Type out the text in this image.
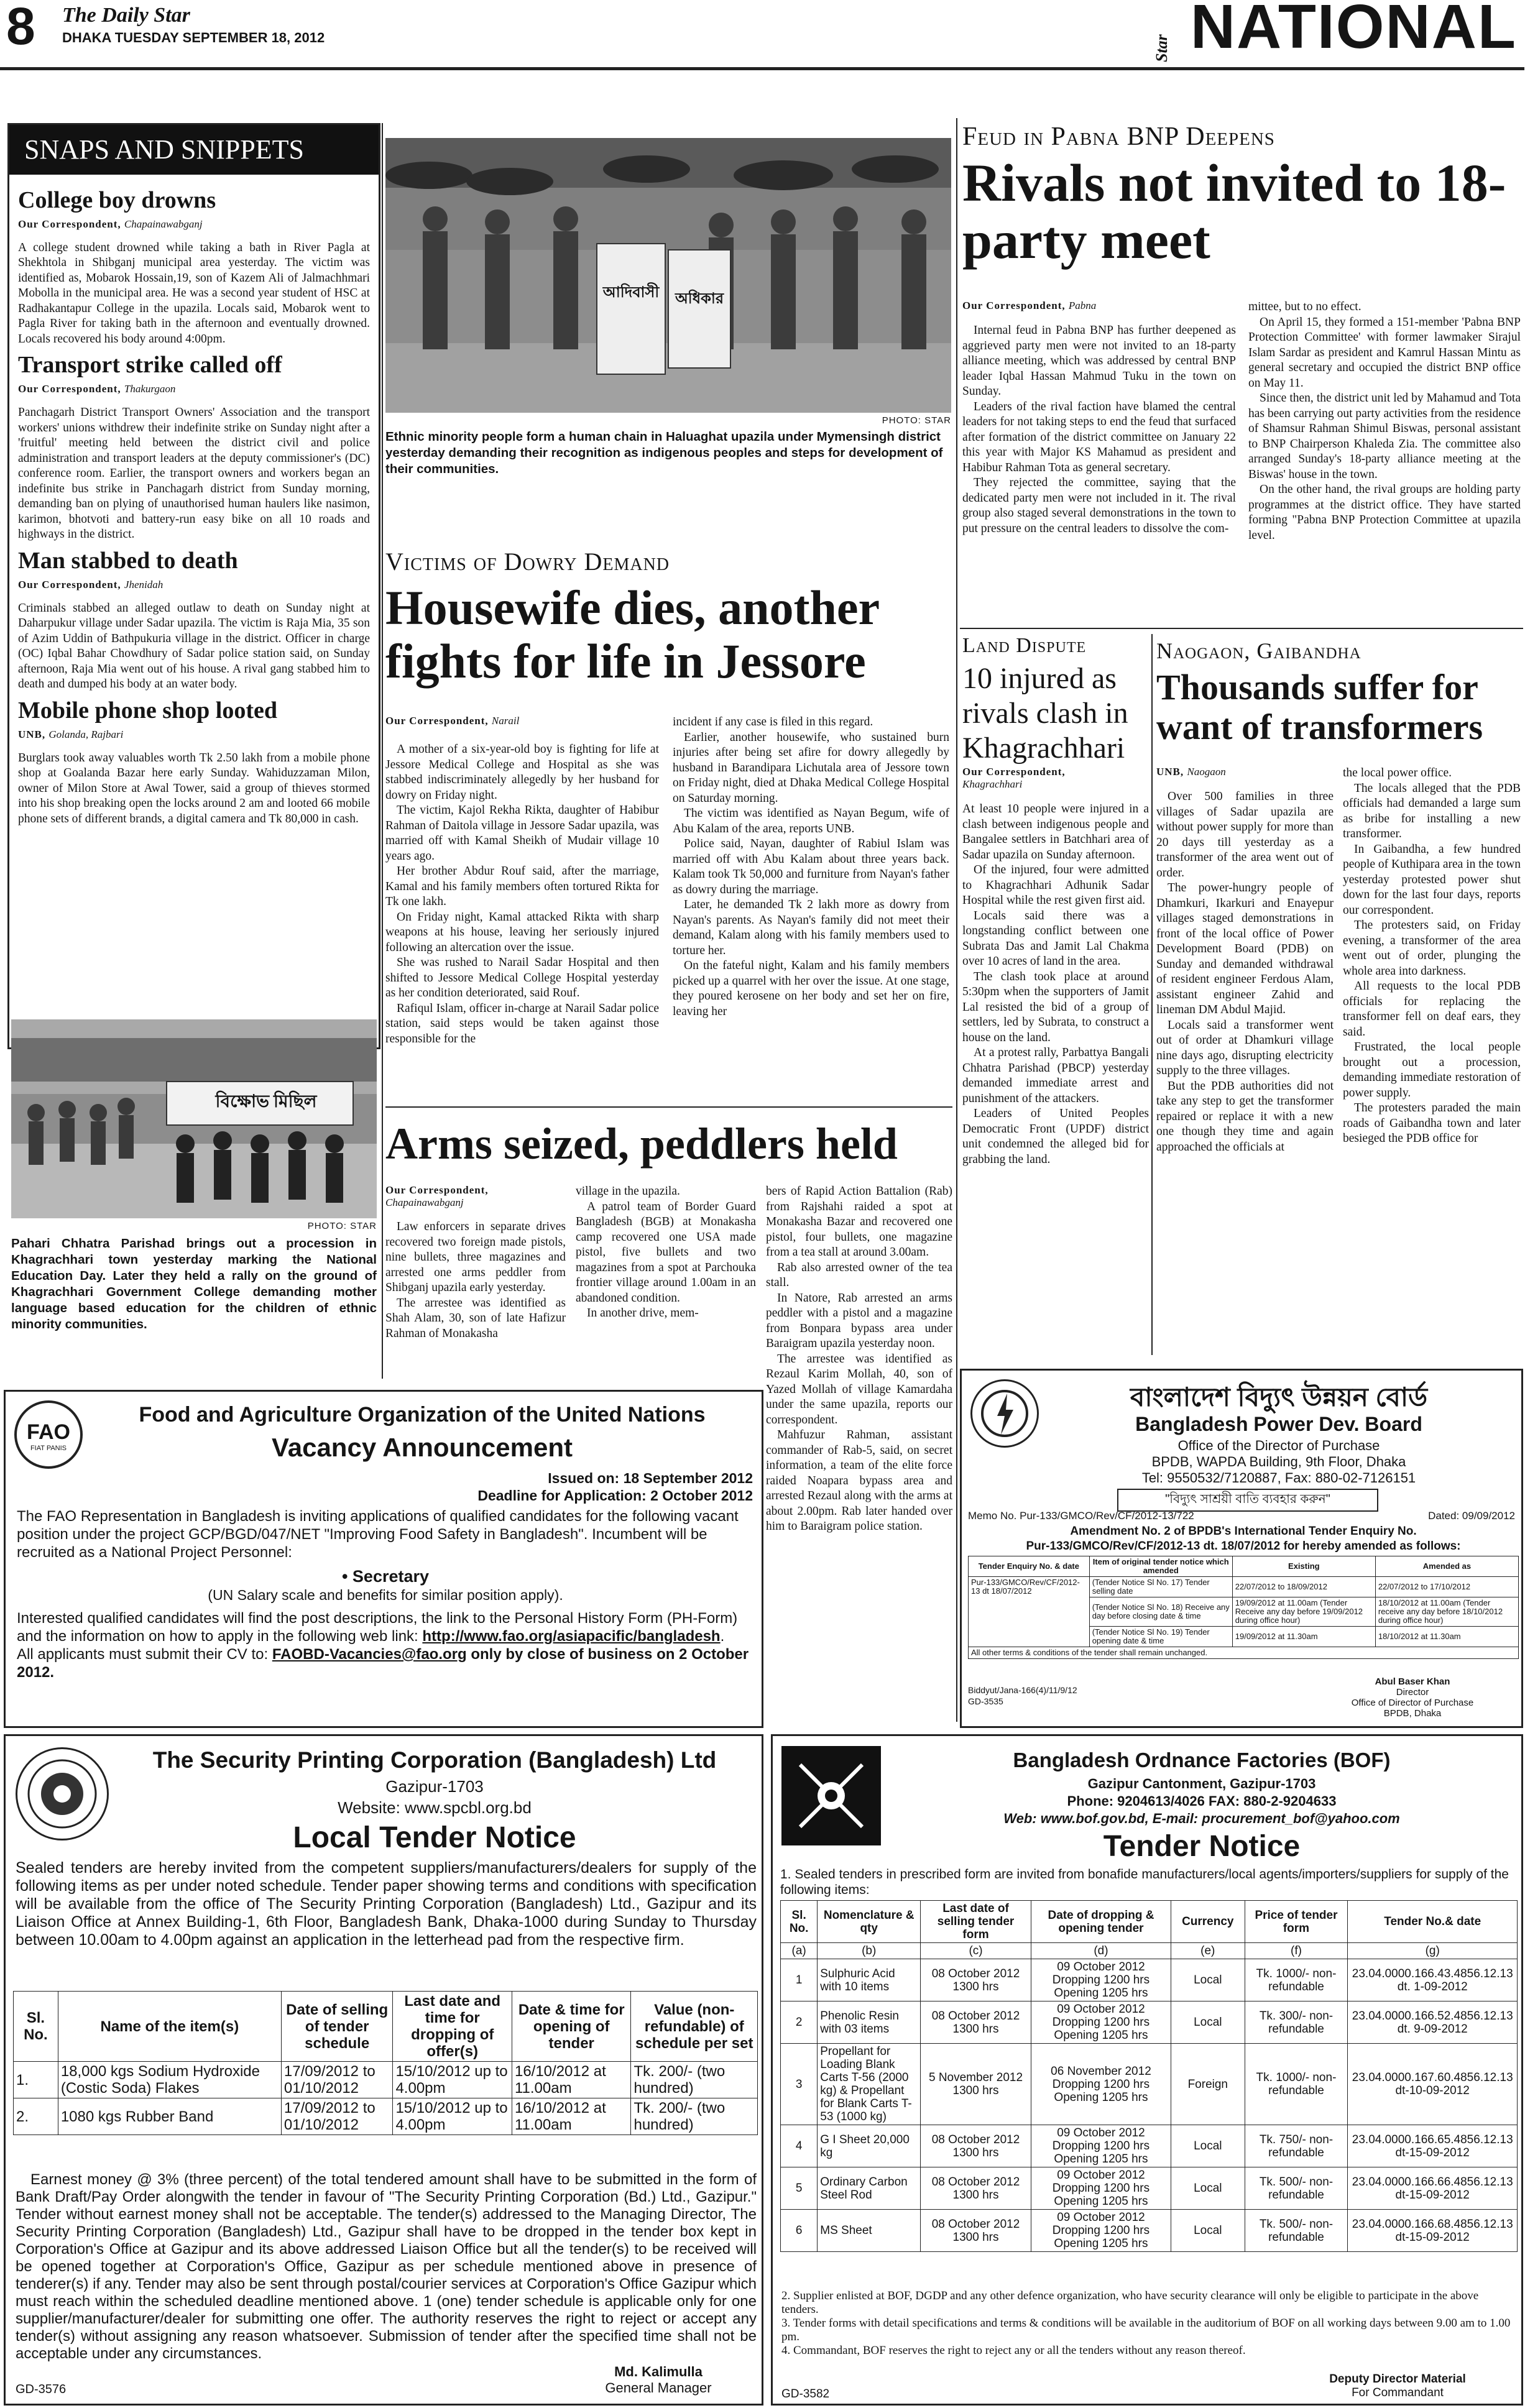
8 The Daily Star
DHAKA TUESDAY SEPTEMBER 18, 2012	Star NATIONAL
SNAPS AND SNIPPETS
College boy drowns
Our Correspondent, Chapainawabganj
A college student drowned while taking a bath in River Pagla at Shekhtola in Shibganj municipal area yesterday. The victim was identified as, Mobarok Hossain,19, son of Kazem Ali of Jalmachhmari Mobolla in the municipal area. He was a second year student of HSC at Radhakantapur College in the upazila. Locals said, Mobarok went to Pagla River for taking bath in the afternoon and eventually drowned. Locals recovered his body around 4:00pm.
Transport strike called off
Our Correspondent, Thakurgaon
Panchagarh District Transport Owners' Association and the transport workers' unions withdrew their indefinite strike on Sunday night after a 'fruitful' meeting held between the district civil and police administration and transport leaders at the deputy commissioner's (DC) conference room. Earlier, the transport owners and workers began an indefinite bus strike in Panchagarh district from Sunday morning, demanding ban on plying of unauthorised human haulers like nasimon, karimon, bhotvoti and battery-run easy bike on all 10 roads and highways in the district.
Man stabbed to death
Our Correspondent, Jhenidah
Criminals stabbed an alleged outlaw to death on Sunday night at Daharpukur village under Sadar upazila. The victim is Raja Mia, 35 son of Azim Uddin of Bathpukuria village in the district. Officer in charge (OC) Iqbal Bahar Chowdhury of Sadar police station said, on Sunday afternoon, Raja Mia went out of his house. A rival gang stabbed him to death and dumped his body at an water body.
Mobile phone shop looted
UNB, Golanda, Rajbari
Burglars took away valuables worth Tk 2.50 lakh from a mobile phone shop at Goalanda Bazar here early Sunday. Wahiduzzaman Milon, owner of Milon Store at Awal Tower, said a group of thieves stormed into his shop breaking open the locks around 2 am and looted 66 mobile phone sets of different brands, a digital camera and Tk 80,000 in cash.
বিক্ষোভ মিছিল
PHOTO: STAR
Pahari Chhatra Parishad brings out a procession in Khagrachhari town yesterday marking the National Education Day. Later they held a rally on the ground of Khagrachhari Government College demanding mother language based education for the children of ethnic minority communities.
আদিবাসী অধিকার
PHOTO: STAR
Ethnic minority people form a human chain in Haluaghat upazila under Mymensingh district yesterday demanding their recognition as indigenous peoples and steps for development of their communities.
Victims of Dowry Demand
Housewife dies, another fights for life in Jessore
Our Correspondent, Narail

A mother of a six-year-old boy is fighting for life at Jessore Medical College and Hospital as she was stabbed indiscriminately allegedly by her husband for dowry on Friday night.

The victim, Kajol Rekha Rikta, daughter of Habibur Rahman of Daitola village in Jessore Sadar upazila, was married off with Kamal Sheikh of Mudair village 10 years ago.

Her brother Abdur Rouf said, after the marriage, Kamal and his family members often tortured Rikta for Tk one lakh.

On Friday night, Kamal attacked Rikta with sharp weapons at his house, leaving her seriously injured following an altercation over the issue.

She was rushed to Narail Sadar Hospital and then shifted to Jessore Medical College Hospital yesterday as her condition deteriorated, said Rouf.

Rafiqul Islam, officer in-charge at Narail Sadar police station, said steps would be taken against those responsible for the

incident if any case is filed in this regard.

Earlier, another housewife, who sustained burn injuries after being set afire for dowry allegedly by husband in Barandipara Lichutala area of Jessore town on Friday night, died at Dhaka Medical College Hospital on Saturday morning.

The victim was identified as Nayan Begum, wife of Abu Kalam of the area, reports UNB.

Police said, Nayan, daughter of Rabiul Islam was married off with Abu Kalam about three years back. Kalam took Tk 50,000 and furniture from Nayan's father as dowry during the marriage.

Later, he demanded Tk 2 lakh more as dowry from Nayan's parents. As Nayan's family did not meet their demand, Kalam along with his family members used to torture her.

On the fateful night, Kalam and his family members picked up a quarrel with her over the issue. At one stage, they poured kerosene on her body and set her on fire, leaving her

Arms seized, peddlers held
Our Correspondent,
Chapainawabganj

Law enforcers in separate drives recovered two foreign made pistols, nine bullets, three magazines and arrested one arms peddler from Shibganj upazila early yesterday.

The arrestee was identified as Shah Alam, 30, son of late Hafizur Rahman of Monakasha

village in the upazila.

A patrol team of Border Guard Bangladesh (BGB) at Monakasha camp recovered one USA made pistol, five bullets and two magazines from a spot at Parchouka frontier village around 1.00am in an abandoned condition.

In another drive, mem-

bers of Rapid Action Battalion (Rab) from Rajshahi raided a spot at Monakasha Bazar and recovered one pistol, four bullets, one magazine from a tea stall at around 3.00am.

Rab also arrested owner of the tea stall.

In Natore, Rab arrested an arms peddler with a pistol and a magazine from Bonpara bypass area under Baraigram upazila yesterday noon.

The arrestee was identified as Rezaul Karim Mollah, 40, son of Yazed Mollah of village Kamardaha under the same upazila, reports our correspondent.

Mahfuzur Rahman, assistant commander of Rab-5, said, on secret information, a team of the elite force raided Noapara bypass area and arrested Rezaul along with the arms at about 2.00pm. Rab later handed over him to Baraigram police station.

Feud in Pabna BNP Deepens
Rivals not invited to 18-party meet
Our Correspondent, Pabna

Internal feud in Pabna BNP has further deepened as aggrieved party men were not invited to an 18-party alliance meeting, which was addressed by central BNP leader Iqbal Hassan Mahmud Tuku in the town on Sunday.

Leaders of the rival faction have blamed the central leaders for not taking steps to end the feud that surfaced after formation of the district committee on January 22 this year with Major KS Mahamud as president and Habibur Rahman Tota as general secretary.

They rejected the committee, saying that the dedicated party men were not included in it. The rival group also staged several demonstrations in the town to put pressure on the central leaders to dissolve the com-

mittee, but to no effect.

On April 15, they formed a 151-member 'Pabna BNP Protection Committee' with former lawmaker Sirajul Islam Sardar as president and Kamrul Hassan Mintu as general secretary and occupied the district BNP office on May 11.

Since then, the district unit led by Mahamud and Tota has been carrying out party activities from the residence of Shamsur Rahman Shimul Biswas, personal assistant to BNP Chairperson Khaleda Zia. The committee also arranged Sunday's 18-party alliance meeting at the Biswas' house in the town.

On the other hand, the rival groups are holding party programmes at the district office. They have started forming "Pabna BNP Protection Committee at upazila level.

Land Dispute
10 injured as rivals clash in Khagrachhari
Our Correspondent,
Khagrachhari

At least 10 people were injured in a clash between indigenous people and Bangalee settlers in Batchhari area of Sadar upazila on Sunday afternoon.

Of the injured, four were admitted to Khagrachhari Adhunik Sadar Hospital while the rest given first aid.

Locals said there was a longstanding conflict between one Subrata Das and Jamit Lal Chakma over 10 acres of land in the area.

The clash took place at around 5:30pm when the supporters of Jamit Lal resisted the bid of a group of settlers, led by Subrata, to construct a house on the land.

At a protest rally, Parbattya Bangali Chhatra Parishad (PBCP) yesterday demanded immediate arrest and punishment of the attackers.

Leaders of United Peoples Democratic Front (UPDF) district unit condemned the alleged bid for grabbing the land.

Naogaon, Gaibandha
Thousands suffer for want of transformers
UNB, Naogaon

Over 500 families in three villages of Sadar upazila are without power supply for more than 20 days till yesterday as a transformer of the area went out of order.

The power-hungry people of Dhamkuri, Ikarkuri and Enayepur villages staged demonstrations in front of the local office of Power Development Board (PDB) on Sunday and demanded withdrawal of resident engineer Ferdous Alam, assistant engineer Zahid and lineman DM Abdul Majid.

Locals said a transformer went out of order at Dhamkuri village nine days ago, disrupting electricity supply to the three villages.

But the PDB authorities did not take any step to get the transformer repaired or replace it with a new one though they time and again approached the officials at

the local power office.

The locals alleged that the PDB officials had demanded a large sum as bribe for installing a new transformer.

In Gaibandha, a few hundred people of Kuthipara area in the town yesterday protested power shut down for the last four days, reports our correspondent.

The protesters said, on Friday evening, a transformer of the area went out of order, plunging the whole area into darkness.

All requests to the local PDB officials for replacing the transformer fell on deaf ears, they said.

Frustrated, the local people brought out a procession, demanding immediate restoration of power supply.

The protesters paraded the main roads of Gaibandha town and later besieged the PDB office for

FAO
FIAT PANIS
Food and Agriculture Organization of the United Nations
Vacancy Announcement
Issued on: 18 September 2012
Deadline for Application: 2 October 2012
The FAO Representation in Bangladesh is inviting applications of qualified candidates for the following vacant position under the project GCP/BGD/047/NET "Improving Food Safety in Bangladesh". Incumbent will be recruited as a National Project Personnel:
• Secretary
(UN Salary scale and benefits for similar position apply).
Interested qualified candidates will find the post descriptions, the link to the Personal History Form (PH-Form) and the information on how to apply in the following web link: http://www.fao.org/asiapacific/bangladesh.
All applicants must submit their CV to: FAOBD-Vacancies@fao.org only by close of business on 2 October 2012.
বাংলাদেশ বিদ্যুৎ উন্নয়ন বোর্ড
Bangladesh Power Dev. Board
Office of the Director of Purchase
BPDB, WAPDA Building, 9th Floor, Dhaka
Tel: 9550532/7120887, Fax: 880-02-7126151
"বিদ্যুৎ সাশ্রয়ী বাতি ব্যবহার করুন"
Memo No. Pur-133/GMCO/Rev/CF/2012-13/722	Dated: 09/09/2012
Amendment No. 2 of BPDB's International Tender Enquiry No.
Pur-133/GMCO/Rev/CF/2012-13 dt. 18/07/2012 for hereby amended as follows:
Tender Enquiry No. & date	Item of original tender notice which amended	Existing	Amended as
Pur-133/GMCO/Rev/CF/2012-13 dt 18/07/2012	(Tender Notice Sl No. 17) Tender selling date	22/07/2012 to 18/09/2012	22/07/2012 to 17/10/2012
	(Tender Notice Sl No. 18) Receive any day before closing date & time	19/09/2012 at 11.00am (Tender Receive any day before 19/09/2012 during office hour)	18/10/2012 at 11.00am (Tender receive any day before 18/10/2012 during office hour)
	(Tender Notice Sl No. 19) Tender opening date & time	19/09/2012 at 11.30am	18/10/2012 at 11.30am
All other terms & conditions of the tender shall remain unchanged.			
Biddyut/Jana-166(4)/11/9/12
GD-3535
Abul Baser Khan
Director
Office of Director of Purchase
BPDB, Dhaka
The Security Printing Corporation (Bangladesh) Ltd
Gazipur-1703
Website: www.spcbl.org.bd
Local Tender Notice
Sealed tenders are hereby invited from the competent suppliers/manufacturers/dealers for supply of the following items as per under noted schedule. Tender paper showing terms and conditions with specification will be available from the office of The Security Printing Corporation (Bangladesh) Ltd., Gazipur and its Liaison Office at Annex Building-1, 6th Floor, Bangladesh Bank, Dhaka-1000 during Sunday to Thursday between 10.00am to 4.00pm against an application in the letterhead pad from the respective firm.
Sl. No.	Name of the item(s)	Date of selling of tender schedule	Last date and time for dropping of offer(s)	Date & time for opening of tender	Value (non-refundable) of schedule per set
1.	18,000 kgs Sodium Hydroxide (Costic Soda) Flakes	17/09/2012 to 01/10/2012	15/10/2012 up to 4.00pm	16/10/2012 at 11.00am	Tk. 200/- (two hundred)
2.	1080 kgs Rubber Band	17/09/2012 to 01/10/2012	15/10/2012 up to 4.00pm	16/10/2012 at 11.00am	Tk. 200/- (two hundred)
Earnest money @ 3% (three percent) of the total tendered amount shall have to be submitted in the form of Bank Draft/Pay Order alongwith the tender in favour of "The Security Printing Corporation (Bd.) Ltd., Gazipur." Tender without earnest money shall not be acceptable. The tender(s) addressed to the Managing Director, The Security Printing Corporation (Bangladesh) Ltd., Gazipur shall have to be dropped in the tender box kept in Corporation's Office at Gazipur and its above addressed Liaison Office but all the tender(s) to be received will be opened together at Corporation's Office, Gazipur as per schedule mentioned above in presence of tenderer(s) if any. Tender may also be sent through postal/courier services at Corporation's Office Gazipur which must reach within the scheduled deadline mentioned above. 1 (one) tender schedule is applicable only for one supplier/manufacturer/dealer for submitting one offer. The authority reserves the right to reject or accept any tender(s) without assigning any reason whatsoever. Submission of tender after the specified time shall not be acceptable under any circumstances.
GD-3576
Md. Kalimulla
General Manager
Bangladesh Ordnance Factories (BOF)
Gazipur Cantonment, Gazipur-1703
Phone: 9204613/4026 FAX: 880-2-9204633
Web: www.bof.gov.bd, E-mail: procurement_bof@yahoo.com
Tender Notice
1. Sealed tenders in prescribed form are invited from bonafide manufacturers/local agents/importers/suppliers for supply of the following items:
Sl. No.	Nomenclature & qty	Last date of selling tender form	Date of dropping & opening tender	Currency	Price of tender form	Tender No.& date
(a)	(b)	(c)	(d)	(e)	(f)	(g)
1	Sulphuric Acid with 10 items	08 October 2012 1300 hrs	09 October 2012 Dropping 1200 hrs Opening 1205 hrs	Local	Tk. 1000/- non-refundable	23.04.0000.166.43.4856.12.13 dt. 1-09-2012
2	Phenolic Resin with 03 items	08 October 2012 1300 hrs	09 October 2012 Dropping 1200 hrs Opening 1205 hrs	Local	Tk. 300/- non-refundable	23.04.0000.166.52.4856.12.13 dt. 9-09-2012
3	Propellant for Loading Blank Carts T-56 (2000 kg) & Propellant for Blank Carts T-53 (1000 kg)	5 November 2012 1300 hrs	06 November 2012 Dropping 1200 hrs Opening 1205 hrs	Foreign	Tk. 1000/- non-refundable	23.04.0000.167.60.4856.12.13 dt-10-09-2012
4	G I Sheet 20,000 kg	08 October 2012 1300 hrs	09 October 2012 Dropping 1200 hrs Opening 1205 hrs	Local	Tk. 750/- non-refundable	23.04.0000.166.65.4856.12.13 dt-15-09-2012
5	Ordinary Carbon Steel Rod	08 October 2012 1300 hrs	09 October 2012 Dropping 1200 hrs Opening 1205 hrs	Local	Tk. 500/- non-refundable	23.04.0000.166.66.4856.12.13 dt-15-09-2012
6	MS Sheet	08 October 2012 1300 hrs	09 October 2012 Dropping 1200 hrs Opening 1205 hrs	Local	Tk. 500/- non-refundable	23.04.0000.166.68.4856.12.13 dt-15-09-2012
2. Supplier enlisted at BOF, DGDP and any other defence organization, who have security clearance will only be eligible to participate in the above tenders.
3. Tender forms with detail specifications and terms & conditions will be available in the auditorium of BOF on all working days between 9.00 am to 1.00 pm.
4. Commandant, BOF reserves the right to reject any or all the tenders without any reason thereof.
GD-3582
Deputy Director Material
For Commandant
